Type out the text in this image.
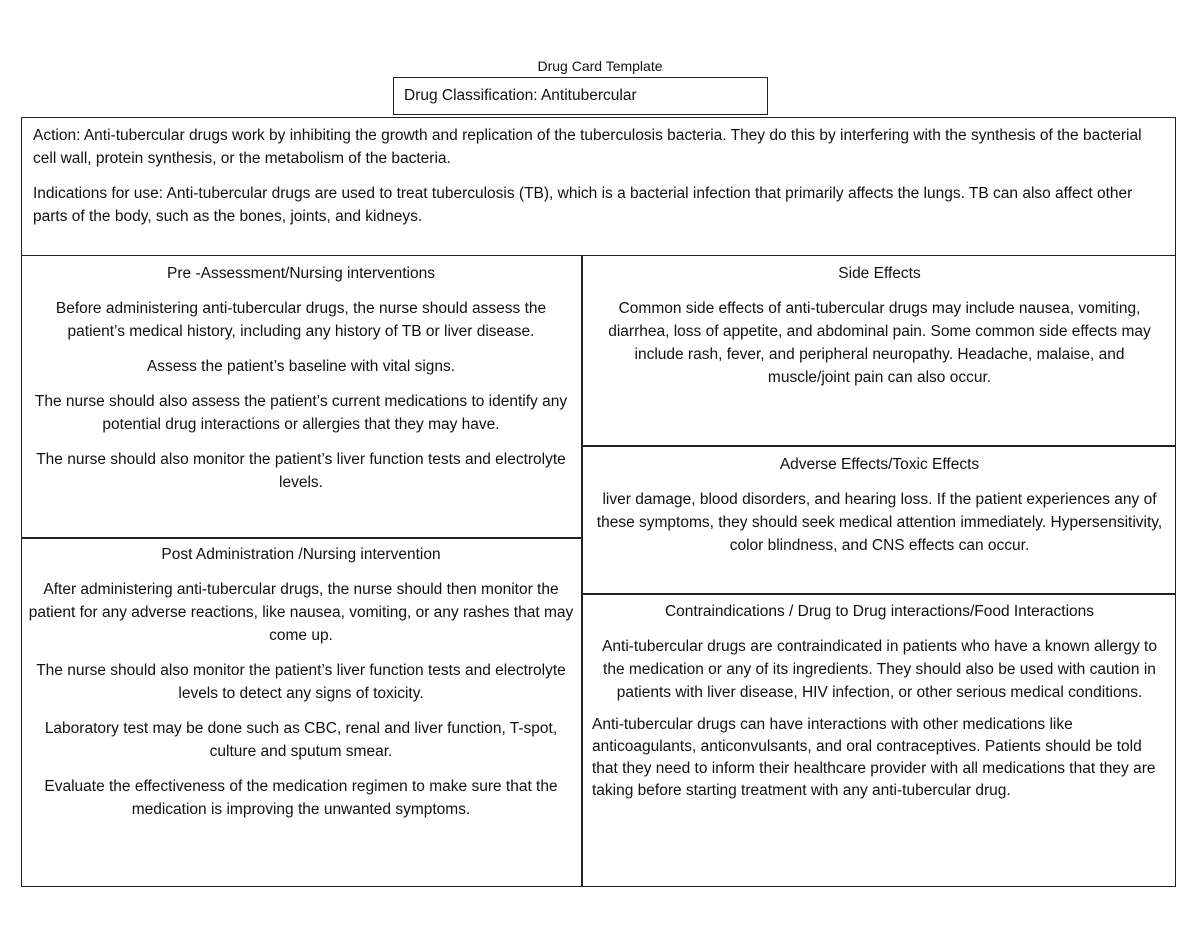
Drug Card Template
Drug Classification: Antitubercular

Action: Anti-tubercular drugs work by inhibiting the growth and replication of the tuberculosis bacteria. They do this by interfering with the synthesis of the bacterial cell wall, protein synthesis, or the metabolism of the bacteria.

Indications for use: Anti-tubercular drugs are used to treat tuberculosis (TB), which is a bacterial infection that primarily affects the lungs. TB can also affect other parts of the body, such as the bones, joints, and kidneys.

Pre -Assessment/Nursing interventions

Before administering anti-tubercular drugs, the nurse should assess the patient’s medical history, including any history of TB or liver disease.

Assess the patient’s baseline with vital signs.

The nurse should also assess the patient’s current medications to identify any potential drug interactions or allergies that they may have.

The nurse should also monitor the patient’s liver function tests and electrolyte levels.

Post Administration /Nursing intervention

After administering anti-tubercular drugs, the nurse should then monitor the patient for any adverse reactions, like nausea, vomiting, or any rashes that may come up.

The nurse should also monitor the patient’s liver function tests and electrolyte levels to detect any signs of toxicity.

Laboratory test may be done such as CBC, renal and liver function, T-spot, culture and sputum smear.

Evaluate the effectiveness of the medication regimen to make sure that the medication is improving the unwanted symptoms.

Side Effects

Common side effects of anti-tubercular drugs may include nausea, vomiting, diarrhea, loss of appetite, and abdominal pain. Some common side effects may include rash, fever, and peripheral neuropathy. Headache, malaise, and muscle/joint pain can also occur.

Adverse Effects/Toxic Effects

liver damage, blood disorders, and hearing loss. If the patient experiences any of these symptoms, they should seek medical attention immediately. Hypersensitivity, color blindness, and CNS effects can occur.

Contraindications / Drug to Drug interactions/Food Interactions

Anti-tubercular drugs are contraindicated in patients who have a known allergy to the medication or any of its ingredients. They should also be used with caution in patients with liver disease, HIV infection, or other serious medical conditions.

Anti-tubercular drugs can have interactions with other medications like anticoagulants, anticonvulsants, and oral contraceptives. Patients should be told that they need to inform their healthcare provider with all medications that they are taking before starting treatment with any anti-tubercular drug.
